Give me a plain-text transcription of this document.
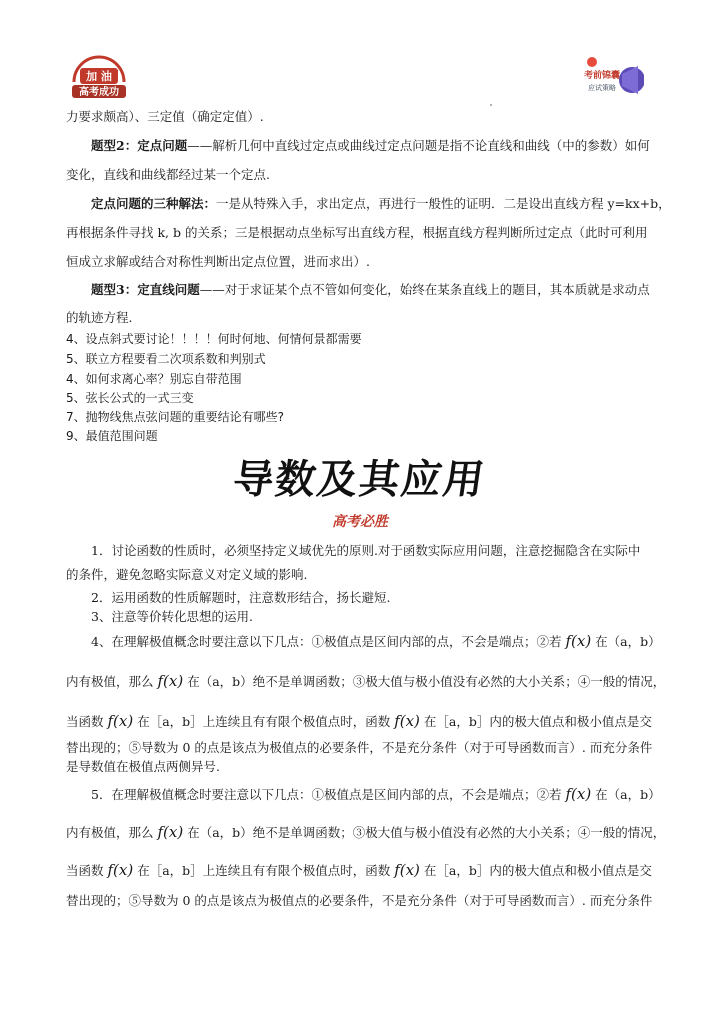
加 油
高考成功
考前锦囊
应试策略
力要求颇高）、三定值（确定定值）.
题型2：定点问题——解析几何中直线过定点或曲线过定点问题是指不论直线和曲线（中的参数）如何
变化，直线和曲线都经过某一个定点.
定点问题的三种解法：一是从特殊入手，求出定点，再进行一般性的证明．二是设出直线方程 y=kx+b，
再根据条件寻找 k, b 的关系；三是根据动点坐标写出直线方程，根据直线方程判断所过定点（此时可利用
恒成立求解或结合对称性判断出定点位置，进而求出）.
题型3：定直线问题——对于求证某个点不管如何变化，始终在某条直线上的题目，其本质就是求动点
的轨迹方程.
4、设点斜式要讨论！！！！何时何地、何情何景都需要
5、联立方程要看二次项系数和判别式
4、如何求离心率？别忘自带范围
5、弦长公式的一式三变
7、抛物线焦点弦问题的重要结论有哪些?
9、最值范围问题
导数及其应用
高考必胜
1．讨论函数的性质时，必须坚持定义域优先的原则.对于函数实际应用问题，注意挖掘隐含在实际中
的条件，避免忽略实际意义对定义域的影响.
2．运用函数的性质解题时，注意数形结合，扬长避短.
3、注意等价转化思想的运用.
4、在理解极值概念时要注意以下几点：①极值点是区间内部的点，不会是端点；②若 f(x) 在（a，b）
内有极值，那么 f(x) 在（a，b）绝不是单调函数；③极大值与极小值没有必然的大小关系；④一般的情况，
当函数 f(x) 在［a，b］上连续且有有限个极值点时，函数 f(x) 在［a，b］内的极大值点和极小值点是交
替出现的；⑤导数为 0 的点是该点为极值点的必要条件，不是充分条件（对于可导函数而言）. 而充分条件
是导数值在极值点两侧异号.
5．在理解极值概念时要注意以下几点：①极值点是区间内部的点，不会是端点；②若 f(x) 在（a，b）
内有极值，那么 f(x) 在（a，b）绝不是单调函数；③极大值与极小值没有必然的大小关系；④一般的情况，
当函数 f(x) 在［a，b］上连续且有有限个极值点时，函数 f(x) 在［a，b］内的极大值点和极小值点是交
替出现的；⑤导数为 0 的点是该点为极值点的必要条件，不是充分条件（对于可导函数而言）. 而充分条件
